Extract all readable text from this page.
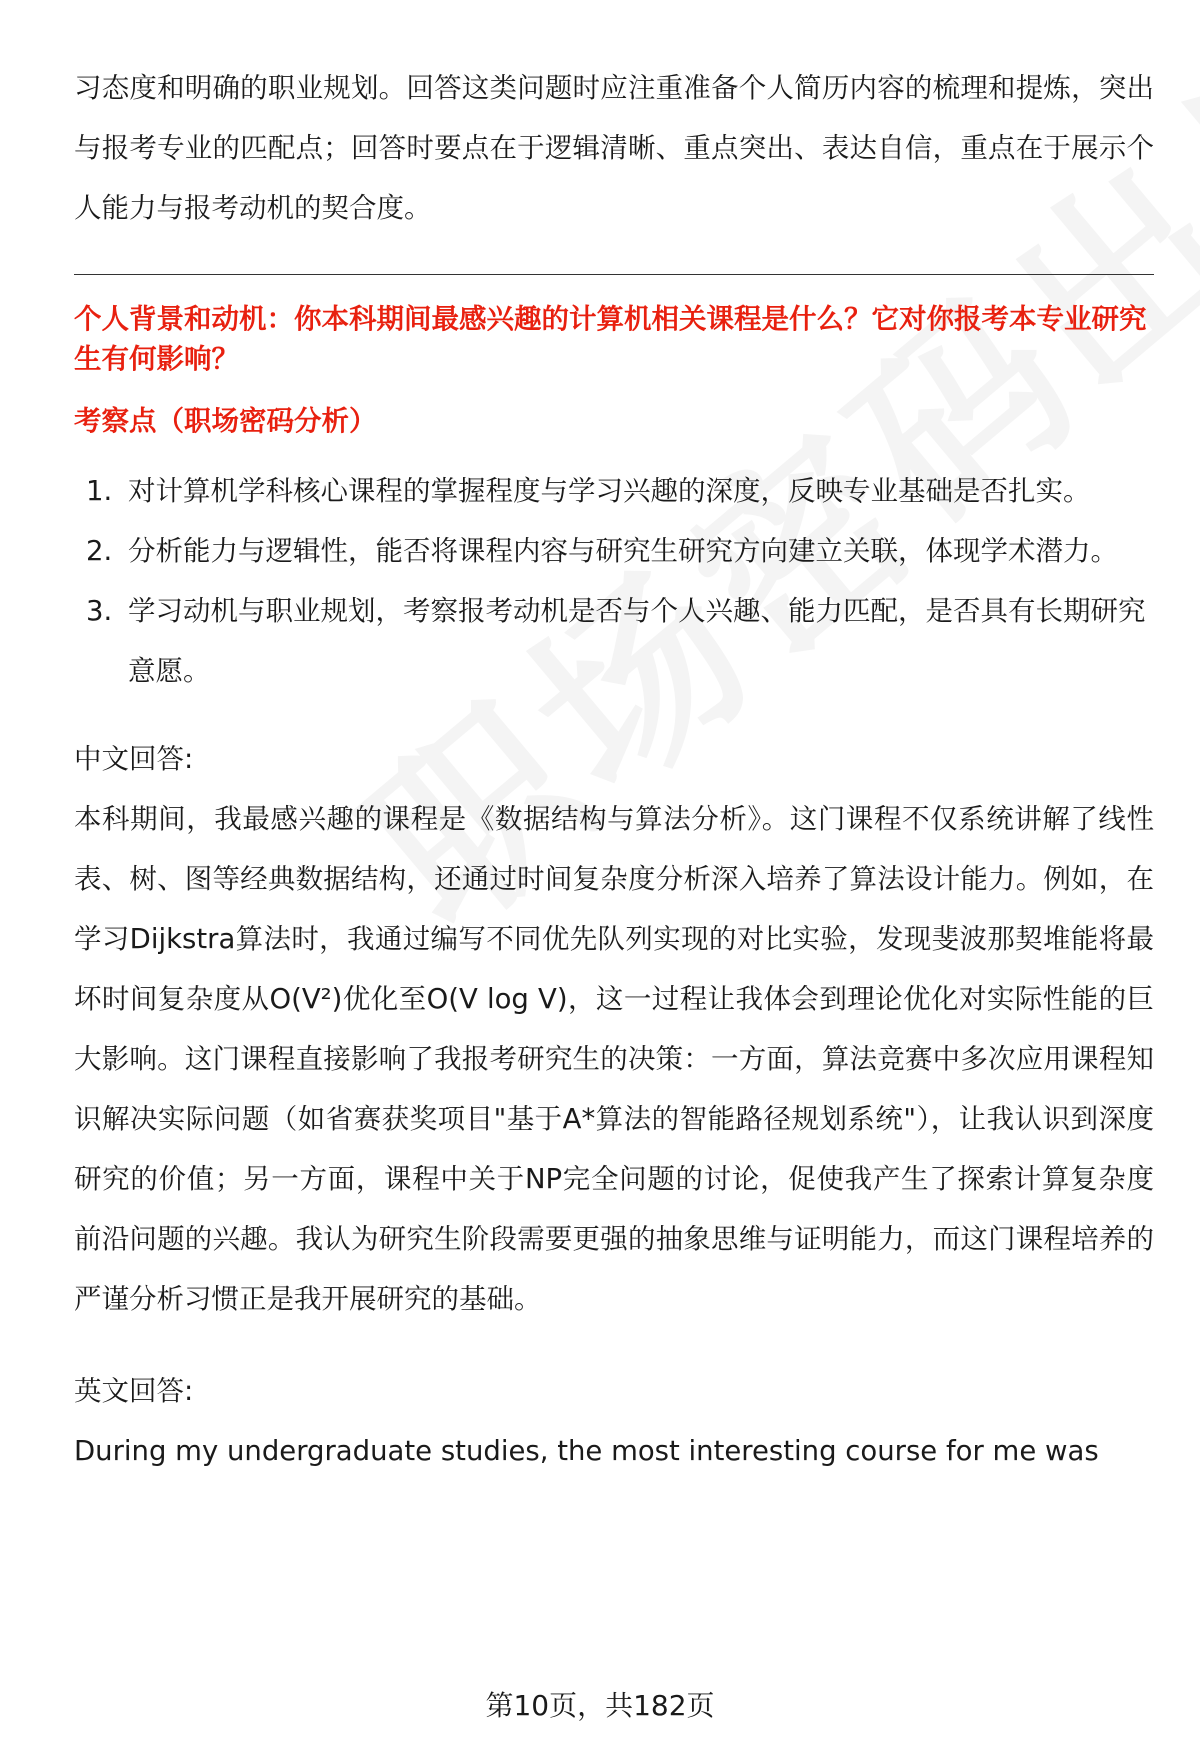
习态度和明确的职业规划。回答这类问题时应注重准备个人简历内容的梳理和提炼，突出与报考专业的匹配点；回答时要点在于逻辑清晰、重点突出、表达自信，重点在于展示个人能力与报考动机的契合度。

个人背景和动机：你本科期间最感兴趣的计算机相关课程是什么？它对你报考本专业研究生有何影响？
考察点（职场密码分析）
1. 对计算机学科核心课程的掌握程度与学习兴趣的深度，反映专业基础是否扎实。
2. 分析能力与逻辑性，能否将课程内容与研究生研究方向建立关联，体现学术潜力。
3. 学习动机与职业规划，考察报考动机是否与个人兴趣、能力匹配，是否具有长期研究意愿。

中文回答:

本科期间，我最感兴趣的课程是《数据结构与算法分析》。这门课程不仅系统讲解了线性表、树、图等经典数据结构，还通过时间复杂度分析深入培养了算法设计能力。例如，在学习Dijkstra算法时，我通过编写不同优先队列实现的对比实验，发现斐波那契堆能将最坏时间复杂度从O(V²)优化至O(V log V)，这一过程让我体会到理论优化对实际性能的巨大影响。这门课程直接影响了我报考研究生的决策：一方面，算法竞赛中多次应用课程知识解决实际问题（如省赛获奖项目"基于A*算法的智能路径规划系统"），让我认识到深度研究的价值；另一方面，课程中关于NP完全问题的讨论，促使我产生了探索计算复杂度前沿问题的兴趣。我认为研究生阶段需要更强的抽象思维与证明能力，而这门课程培养的严谨分析习惯正是我开展研究的基础。

英文回答:

During my undergraduate studies, the most interesting course for me was

第10页，共182页
